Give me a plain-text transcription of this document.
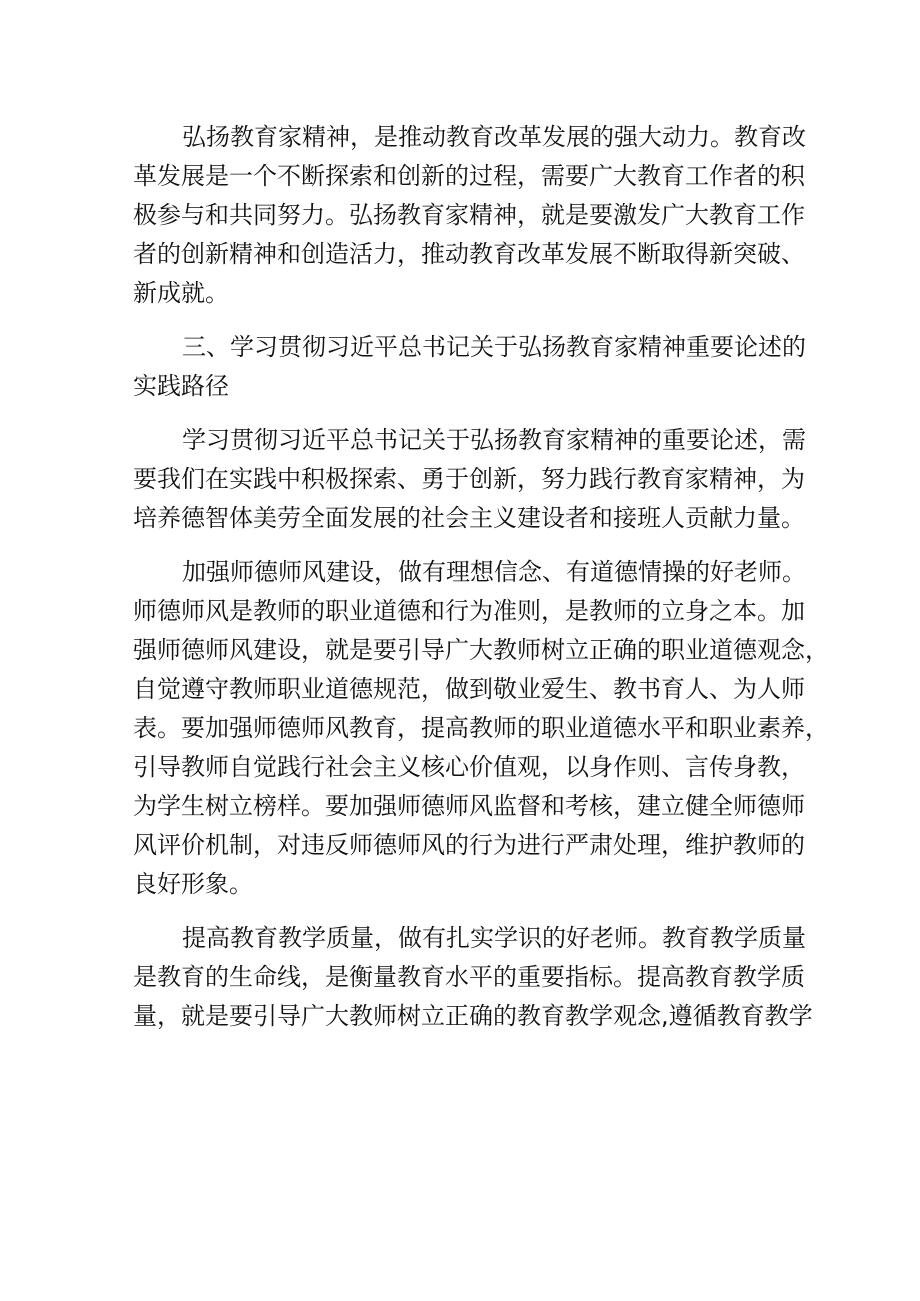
弘扬教育家精神，是推动教育改革发展的强大动力。教育改
革发展是一个不断探索和创新的过程，需要广大教育工作者的积
极参与和共同努力。弘扬教育家精神，就是要激发广大教育工作
者的创新精神和创造活力，推动教育改革发展不断取得新突破、
新成就。

三、学习贯彻习近平总书记关于弘扬教育家精神重要论述的
实践路径

学习贯彻习近平总书记关于弘扬教育家精神的重要论述，需
要我们在实践中积极探索、勇于创新，努力践行教育家精神，为
培养德智体美劳全面发展的社会主义建设者和接班人贡献力量。

加强师德师风建设，做有理想信念、有道德情操的好老师。
师德师风是教师的职业道德和行为准则，是教师的立身之本。加
强师德师风建设，就是要引导广大教师树立正确的职业道德观念，
自觉遵守教师职业道德规范，做到敬业爱生、教书育人、为人师
表。要加强师德师风教育，提高教师的职业道德水平和职业素养，
引导教师自觉践行社会主义核心价值观，以身作则、言传身教，
为学生树立榜样。要加强师德师风监督和考核，建立健全师德师
风评价机制，对违反师德师风的行为进行严肃处理，维护教师的
良好形象。

提高教育教学质量，做有扎实学识的好老师。教育教学质量
是教育的生命线，是衡量教育水平的重要指标。提高教育教学质
量，就是要引导广大教师树立正确的教育教学观念,遵循教育教学
